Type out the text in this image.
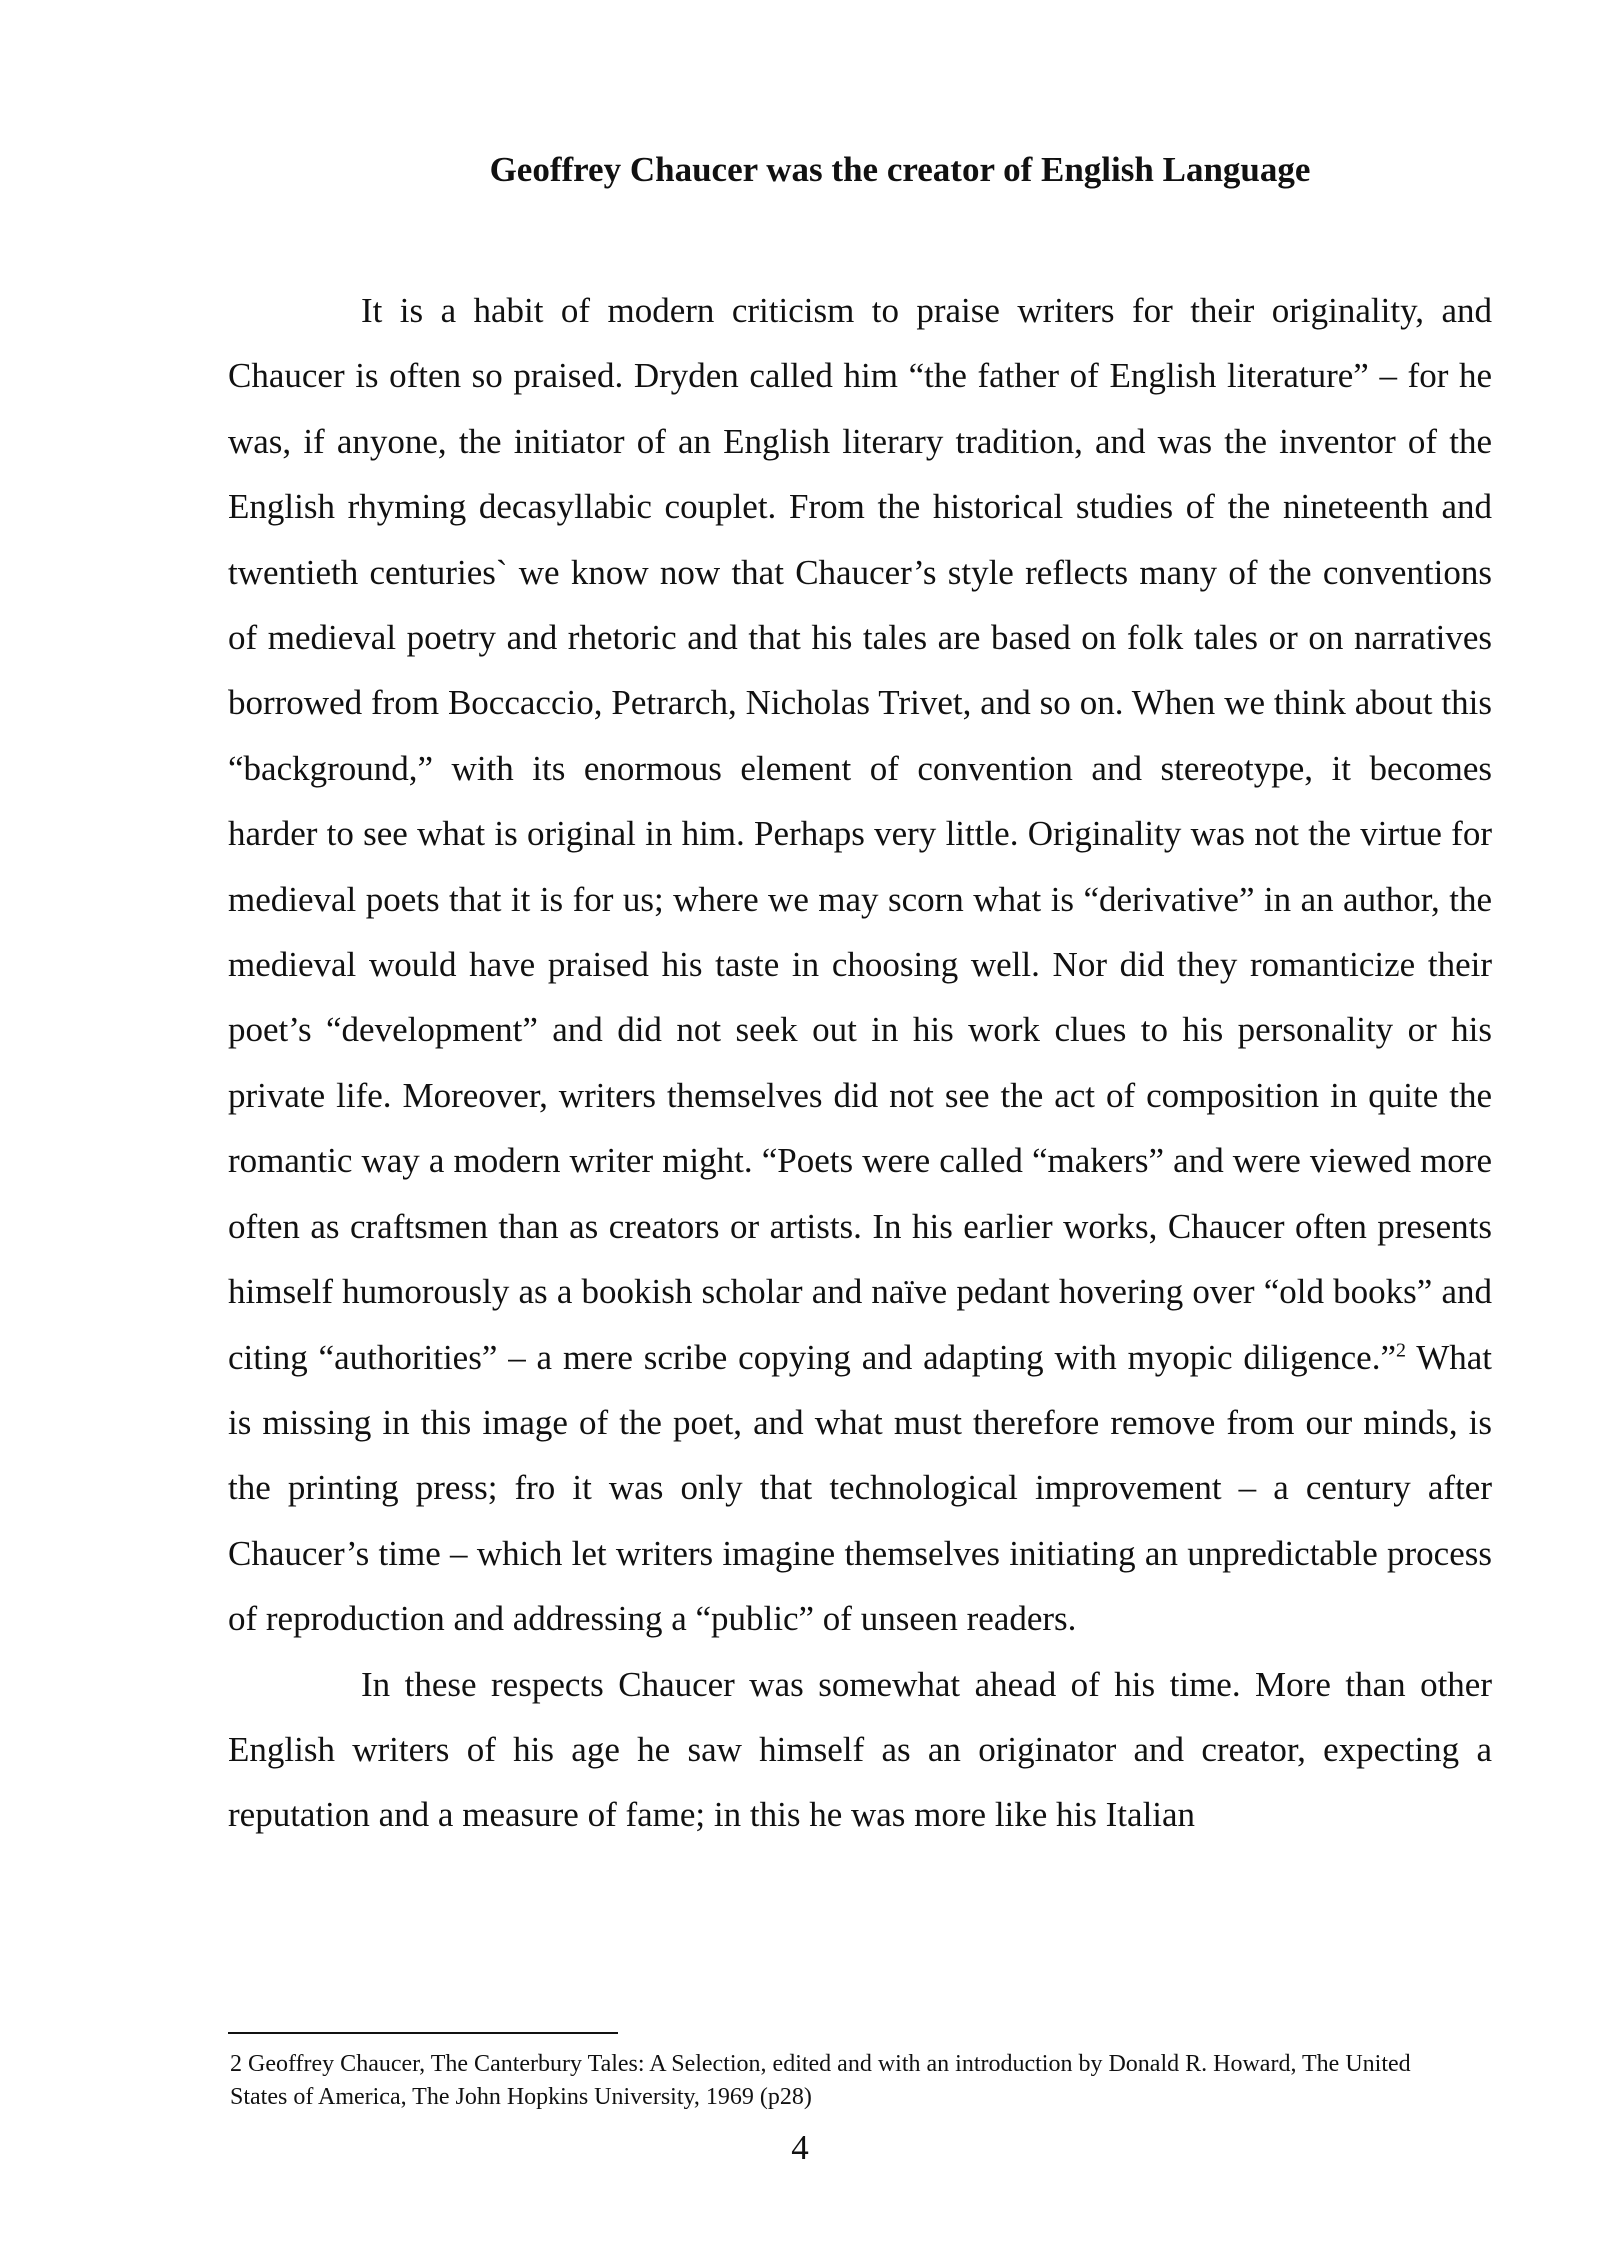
Geoffrey Chaucer was the creator of English Language

It is a habit of modern criticism to praise writers for their originality, and Chaucer is often so praised. Dryden called him “the father of English literature” – for he was, if anyone, the initiator of an English literary tradition, and was the inventor of the English rhyming decasyllabic couplet. From the historical studies of the nineteenth and twentieth centuries` we know now that Chaucer’s style reflects many of the conventions of medieval poetry and rhetoric and that his tales are based on folk tales or on narratives borrowed from Boccaccio, Petrarch, Nicholas Trivet, and so on. When we think about this “background,” with its enormous element of convention and stereotype, it becomes harder to see what is original in him. Perhaps very little. Originality was not the virtue for medieval poets that it is for us; where we may scorn what is “derivative” in an author, the medieval would have praised his taste in choosing well. Nor did they romanticize their poet’s “development” and did not seek out in his work clues to his personality or his private life. Moreover, writers themselves did not see the act of composition in quite the romantic way a modern writer might. “Poets were called “makers” and were viewed more often as craftsmen than as creators or artists. In his earlier works, Chaucer often presents himself humorously as a bookish scholar and naïve pedant hovering over “old books” and citing “authorities” – a mere scribe copying and adapting with myopic diligence.”$^2$ What is missing in this image of the poet, and what must therefore remove from our minds, is the printing press; fro it was only that technological improvement – a century after Chaucer’s time – which let writers imagine themselves initiating an unpredictable process of reproduction and addressing a “public” of unseen readers.

In these respects Chaucer was somewhat ahead of his time. More than other English writers of his age he saw himself as an originator and creator, expecting a reputation and a measure of fame; in this he was more like his Italian

2 Geoffrey Chaucer, The Canterbury Tales: A Selection, edited and with an introduction by Donald R. Howard, The United States of America, The John Hopkins University, 1969 (p28)
4
